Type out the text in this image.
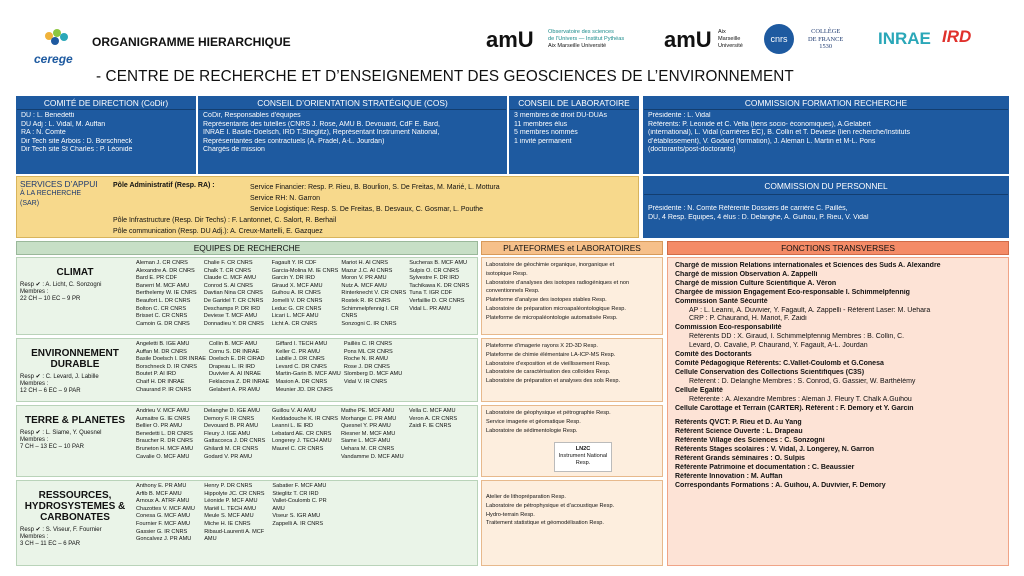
cerege
ORGANIGRAMME HIERARCHIQUE
- CENTRE DE RECHERCHE ET D’ENSEIGNEMENT DES GEOSCIENCES DE L’ENVIRONNEMENT
amU	Observatoire des sciences
de l’Univers — Institut Pythéas
Aix Marseille Université	amU Aix
Marseille
Université
cnrs
COLLÈGE
DE FRANCE
1530	INRAE IRD
COMITÉ DE DIRECTION (CoDir)
DU : L. Benedetti
DU Adj : L. Vidal, M. Auffan
RA : N. Comte
Dir Tech site Arbois : D. Borschneck
Dir Tech site St Charles : P. Léonide
CONSEIL D’ORIENTATION STRATÉGIQUE (COS)
CoDir, Responsables d’équipes
Représentants des tutelles (CNRS J. Rose, AMU B. Devouard, CdF E. Bard,
INRAE I. Basile-Doelsch, IRD T.Stieglitz), Représentant Instrument National,
Représentantes des contractuels (A. Pradel, A-L. Jourdan)
Chargés de mission
CONSEIL DE LABORATOIRE
3 membres de droit DU-DUAs
11 membres élus
5 membres nommés
1 invité permanent
COMMISSION FORMATION RECHERCHE
Présidente : L. Vidal
Référents: P. Leonide et C. Vella (liens socio- économiques), A.Gelabert
(international), L. Vidal (carrières EC), B. Collin et T. Deviese (lien recherche/Instituts
d’établissement), V. Godard (formation), J. Aleman L. Martin et M-L. Pons
(doctorants/post-doctorants)
SERVICES D’APPUI
À LA RECHERCHE
(SAR)
Pôle Administratif (Resp. RA) :	Service Financier: Resp. P. Rieu, B. Bourlion, S. De Freitas, M. Marié, L. Mottura
Service RH: N. Garron
Service Logistique: Resp. S. De Freitas, B. Desvaux, C. Gosmar, L. Pouthe
Pôle Infrastructure (Resp. Dir Techs) : F. Lantonnet, C. Salort, R. Berhail
Pôle communication (Resp. DU Adj.): A. Creux-Martelli, E. Gazquez
COMMISSION DU PERSONNEL
Présidente : N. Comte Référente Dossiers de carrière C. Paillès,
DU, 4 Resp. Equipes, 4 élus : D. Delanghe, A. Guihou, P. Rieu, V. Vidal
EQUIPES DE RECHERCHE	PLATEFORMES et LABORATOIRES	FONCTIONS TRANSVERSES
CLIMAT
Resp ✔ : A. Licht, C. Sonzogni
Membres :
22 CH – 10 EC – 9 PR
Aleman J. CR CNRS
Alexandre A. DR CNRS
Bard E. PR CDF
Banerri M. MCF AMU
Berthelemy W. IE CNRS
Beaufort L. DR CNRS
Bolton C. CR CNRS
Brisset C. CR CNRS
Camoin G. DR CNRS
Chalie F. CR CNRS
Chalk T. CR CNRS
Claude C. MCF AMU
Conrod S. AI CNRS
Davtian Nina CR CNRS
De Garidel T. CR CNRS
Deschamps P. DR IRD
Deviese T. MCF AMU
Donnadieu Y. DR CNRS
Fagault Y. IR CDF
Garcia-Molina M. IE CNRS
Garcin Y. DR IRD
Giraud X. MCF AMU
Guihou A. IR CNRS
Jomelli V. DR CNRS
Leduc G. CR CNRS
Licari L. MCF AMU
Licht A. CR CNRS
Mariot H. AI CNRS
Mazur J.C. AI CNRS
Moron V. PR AMU
Nutz A. MCF AMU
Rinterknecht V. CR CNRS
Rostek R. IR CNRS
Schimmelpfennig I. CR
CNRS
Sonzogni C. IR CNRS
Sucheras B. MCF AMU
Sulpis O. CR CNRS
Sylvestre F. DR IRD
Tachikawa K. DR CNRS
Tuna T. IGR CDF
Verfaillie D. CR CNRS
Vidal L. PR AMU
ENVIRONNEMENT
DURABLE
Resp ✔ : C. Levard, J. Labille
Membres :
12 CH – 6 EC – 9 PAR
Angeletti B. IGE AMU
Auffan M. DR CNRS
Basile Doelsch I. DR INRAE
Borschneck D. IR CNRS
Boutet P. AI IRD
Chaif H. DR INRAE
Chaurand P. IR CNRS
Collin B. MCF AMU
Cornu S. DR INRAE
Doelsch E. DR CIRAD
Drapeau L. IR IRD
Duvivier A. AI INRAE
Feklacova Z. DR INRAE
Gelabert A. PR AMU
Giffard I. TECH AMU
Keller C. PR AMU
Labille J. DR CNRS
Levard C. DR CNRS
Martin-Garin B. MCF AMU
Masion A. DR CNRS
Meunier JD. DR CNRS
Paillès C. IR CNRS
Pons ML CR CNRS
Roche N. IR AMU
Rose J. DR CNRS
Slomberg D. MCF AMU
Vidal V. IR CNRS
TERRE & PLANETES
Resp ✔ : L. Siame, Y. Quesnel
Membres :
7 CH – 13 EC – 10 PAR
Andrieu V. MCF AMU
Aumaitre G. IE CNRS
Bellier O. PR AMU
Benedetti L. DR CNRS
Braucher R. DR CNRS
Bruneton H. MCF AMU
Cavalie O. MCF AMU
Delanghe D. IGE AMU
Demory F. IR CNRS
Devouard B. PR AMU
Fleury J. IGE AMU
Gattacceca J. DR CNRS
Ghilardi M. CR CNRS
Godard V. PR AMU
Guillou V. AI AMU
Keddadouche K. IR CNRS
Leanni L. IE IRD
Lebatard AE. CR CNRS
Longerey J. TECH AMU
Maurel C. CR CNRS
Mathe PE. MCF AMU
Morhange C. PR AMU
Quesnel Y. PR AMU
Riesner M. MCF AMU
Siame L. MCF AMU
Uehara M. CR CNRS
Vandamme D. MCF AMU
Vella C. MCF AMU
Veron A. CR CNRS
Zaidi F. IE CNRS
RESSOURCES,
HYDROSYSTEMES &
CARBONATES
Resp ✔ : S. Viseur, F. Fournier
Membres :
3 CH – 11 EC – 6 PAR
Anthony E. PR AMU
Arfib B. MCF AMU
Arnoux A. ATRF AMU
Chazottes V. MCF AMU
Conesa G. MCF AMU
Fournier F. MCF AMU
Gassier G. IR CNRS
Goncalvez J. PR AMU
Henry P. DR CNRS
Hippolyte JC. CR CNRS
Léonide P. MCF AMU
Mariël L. TECH AMU
Meule S. MCF AMU
Miche H. IE CNRS
Ribaud-Laurenti A. MCF
AMU
Sabatier F. MCF AMU
Stieglitz T. CR IRD
Vallet-Coulomb C. PR
AMU
Viseur S. IGR AMU
Zappelli A. IR CNRS
Laboratoire de géochimie organique, inorganique et
isotopique Resp.
Laboratoire d’analyses des isotopes radiogéniques et non
conventionnels Resp.
Plateforme d’analyse des isotopes stables Resp.
Laboratoire de préparation microapaléontologique Resp.
Plateforme de micropaléontologie automatisée Resp.
Plateforme d’imagerie rayons X 2D-3D Resp.
Plateforme de chimie élémentaire LA-ICP-MS Resp.
Laboratoire d’exposition et de vieillissement Resp.
Laboratoire de caractérisation des colloïdes Resp.
Laboratoire de préparation et analyses des sols Resp.
Laboratoire de géophysique et pétrographie Resp.
Service imagerie et géomatique Resp.
Laboratoire de sédimentologie Resp.
LN2C
Instrument National
Resp.
Atelier de lithopréparation Resp.
Laboratoire de pétrophysique et d’acoustique Resp.
Hydro-terrain Resp.
Traitement statistique et géomodélisation Resp.
Chargé de mission Relations internationales et Sciences des Suds A. Alexandre
Chargé de mission Observation A. Zappelli
Chargé de mission Culture Scientifique A. Véron
Chargée de mission Engagement Eco-responsable I. Schimmelpfennig
Commission Santé Sécurité
AP : L. Leanni, A. Duvivier, Y. Fagault, A. Zappelli - Référent Laser: M. Uehara
CRP : P. Chaurand, H. Mariot, F. Zaidi
Commission Eco-responsabilité
Référents DD : X. Giraud, I. Schimmelpfennig Membres : B. Collin, C.
Levard, O. Cavalié, P. Chaurand, Y. Fagault, A-L. Jourdan
Comité des Doctorants
Comité Pédagogique Référents: C.Vallet-Coulomb et G.Conesa
Cellule Conservation des Collections Scientifiques (C3S)
Référent : D. Delanghe Membres : S. Conrod, G. Gassier, W. Barthélémy
Cellule Egalité
Référente : A. Alexandre Membres : Aleman J. Fleury T. Chalk A.Guihou
Cellule Carottage et Terrain (CARTER). Référent : F. Demory et Y. Garcin
Référents QVCT: P. Rieu et D. Au Yang
Référent Science Ouverte : L. Drapeau
Référente Village des Sciences : C. Sonzogni
Référents Stages scolaires : V. Vidal, J. Longerey, N. Garron
Référent Grands séminaires : O. Sulpis
Référente Patrimoine et documentation : C. Beaussier
Référente Innovation : M. Auffan
Correspondants Formations : A. Guihou, A. Duvivier, F. Demory
